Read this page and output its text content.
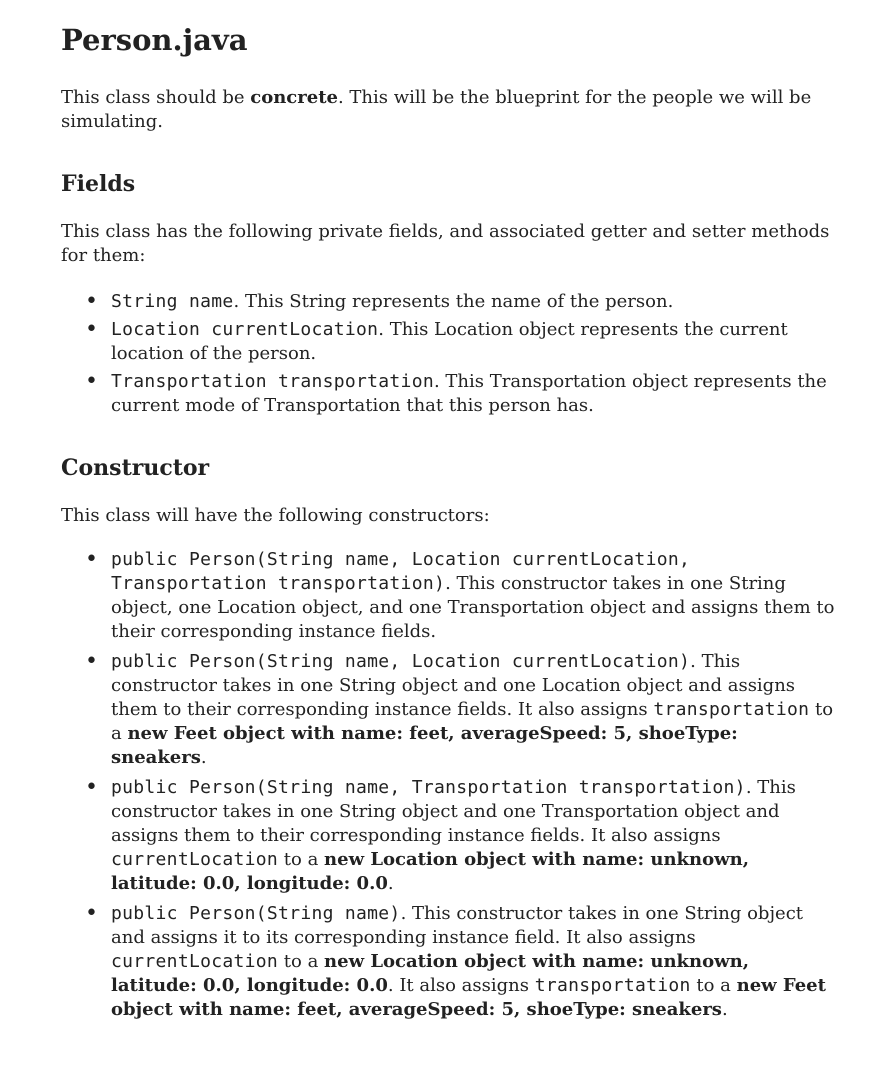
Person.java

This class should be concrete. This will be the blueprint for the people we will be simulating.

Fields

This class has the following private fields, and associated getter and setter methods for them:

• String name. This String represents the name of the person.
• Location currentLocation. This Location object represents the current location of the person.
• Transportation transportation. This Transportation object represents the current mode of Transportation that this person has.
Constructor

This class will have the following constructors:

• public Person(String name, Location currentLocation, Transportation transportation). This constructor takes in one String object, one Location object, and one Transportation object and assigns them to their corresponding instance fields.
• public Person(String name, Location currentLocation). This constructor takes in one String object and one Location object and assigns them to their corresponding instance fields. It also assigns transportation to a new Feet object with name: feet, averageSpeed: 5, shoeType: sneakers.
• public Person(String name, Transportation transportation). This constructor takes in one String object and one Transportation object and assigns them to their corresponding instance fields. It also assigns currentLocation to a new Location object with name: unknown, latitude: 0.0, longitude: 0.0.
• public Person(String name). This constructor takes in one String object and assigns it to its corresponding instance field. It also assigns currentLocation to a new Location object with name: unknown, latitude: 0.0, longitude: 0.0. It also assigns transportation to a new Feet object with name: feet, averageSpeed: 5, shoeType: sneakers.
